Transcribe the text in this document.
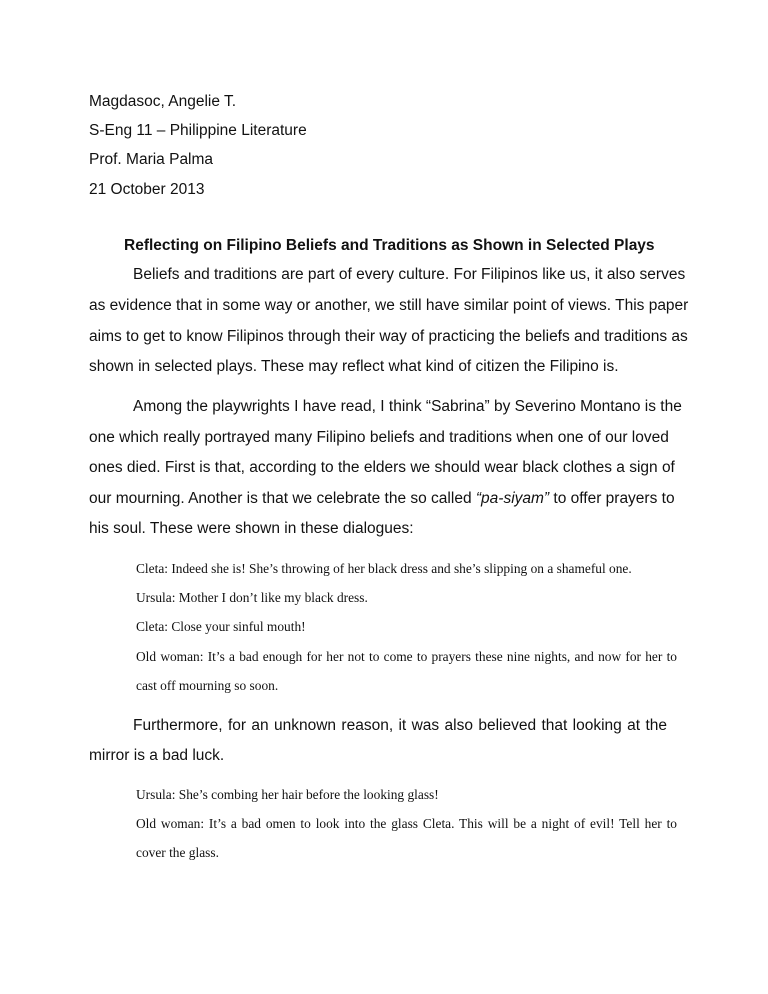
Magdasoc, Angelie T.
S-Eng 11 – Philippine Literature
Prof. Maria Palma
21 October 2013
Reflecting on Filipino Beliefs and Traditions as Shown in Selected Plays
Beliefs and traditions are part of every culture. For Filipinos like us, it also serves
as evidence that in some way or another, we still have similar point of views. This paper
aims to get to know Filipinos through their way of practicing the beliefs and traditions as
shown in selected plays. These may reflect what kind of citizen the Filipino is.
Among the playwrights I have read, I think “Sabrina” by Severino Montano is the
one which really portrayed many Filipino beliefs and traditions when one of our loved
ones died. First is that, according to the elders we should wear black clothes a sign of
our mourning. Another is that we celebrate the so called “pa-siyam” to offer prayers to
his soul. These were shown in these dialogues:
Cleta: Indeed she is! She’s throwing of her black dress and she’s slipping on a shameful one.
Ursula: Mother I don’t like my black dress.
Cleta: Close your sinful mouth!
Old woman: It’s a bad enough for her not to come to prayers these nine nights, and now for her to
cast off mourning so soon.
Furthermore, for an unknown reason, it was also believed that looking at the
mirror is a bad luck.
Ursula: She’s combing her hair before the looking glass!
Old woman: It’s a bad omen to look into the glass Cleta. This will be a night of evil! Tell her to
cover the glass.
